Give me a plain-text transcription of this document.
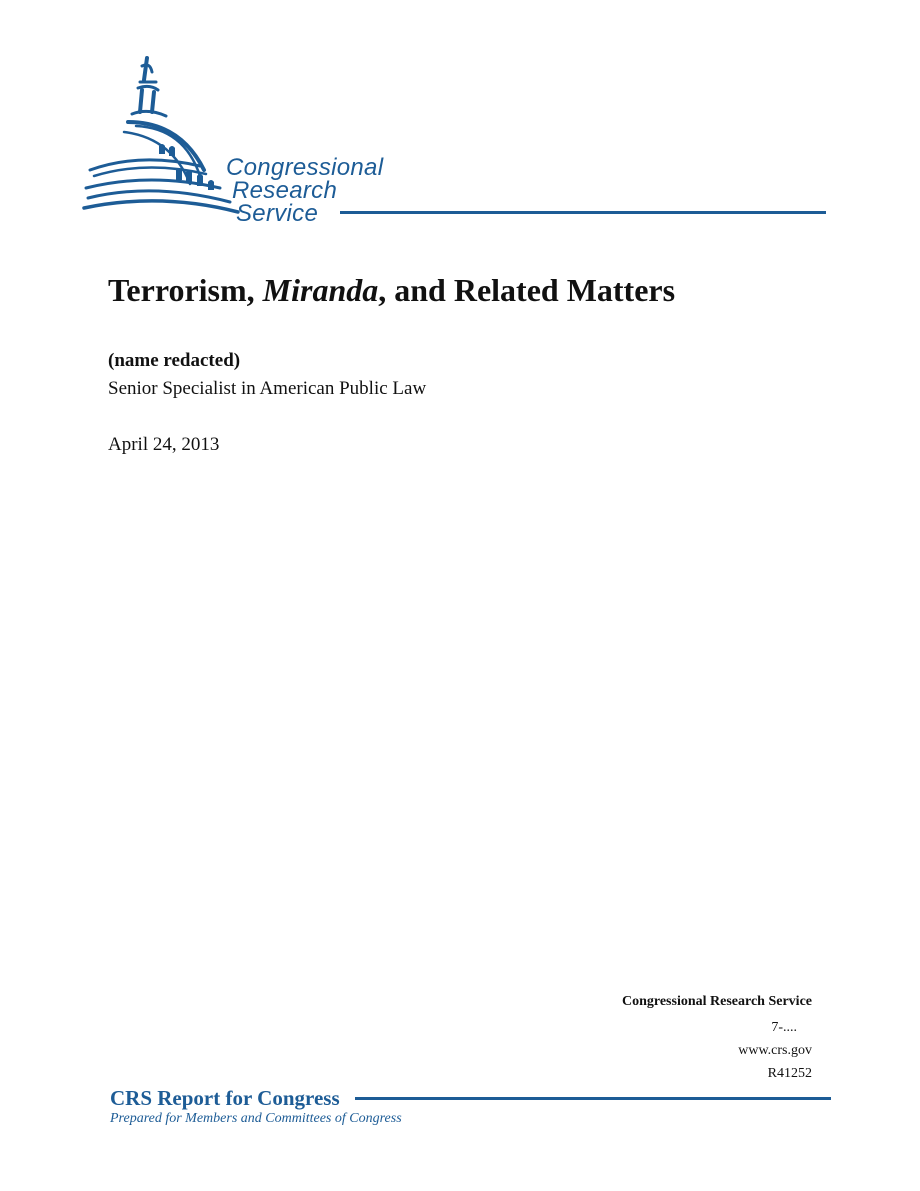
Congressional
Research
Service
Terrorism, Miranda, and Related Matters
(name redacted)
Senior Specialist in American Public Law
April 24, 2013
Congressional Research Service
7-....
www.crs.gov
R41252
CRS Report for Congress
Prepared for Members and Committees of Congress
